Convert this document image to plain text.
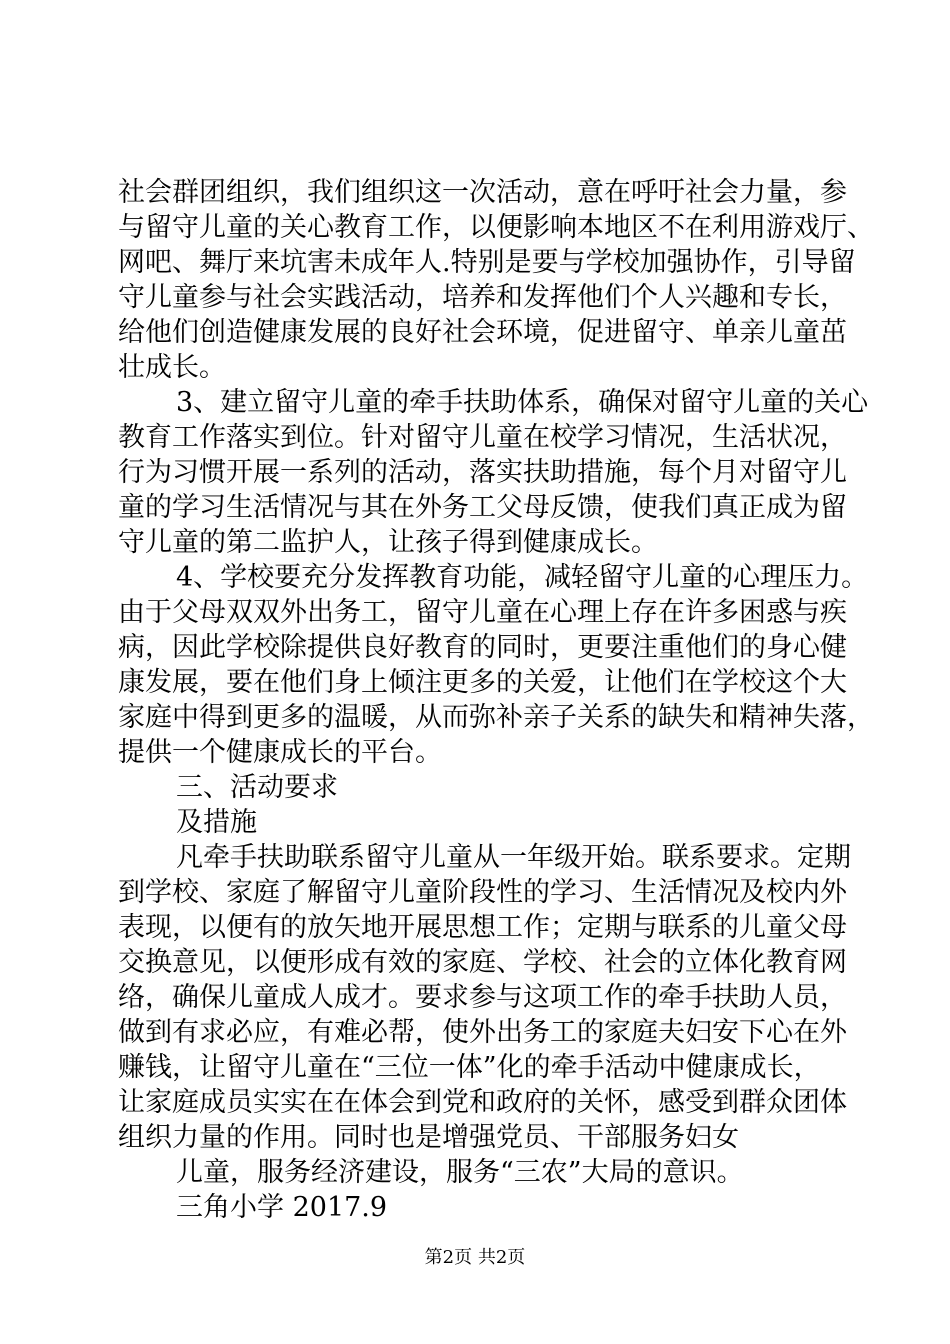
社会群团组织，我们组织这一次活动，意在呼吁社会力量，参
与留守儿童的关心教育工作，以便影响本地区不在利用游戏厅、
网吧、舞厅来坑害未成年人.特别是要与学校加强协作，引导留
守儿童参与社会实践活动，培养和发挥他们个人兴趣和专长，
给他们创造健康发展的良好社会环境，促进留守、单亲儿童茁
壮成长。
3、建立留守儿童的牵手扶助体系，确保对留守儿童的关心
教育工作落实到位。针对留守儿童在校学习情况，生活状况，
行为习惯开展一系列的活动，落实扶助措施，每个月对留守儿
童的学习生活情况与其在外务工父母反馈，使我们真正成为留
守儿童的第二监护人，让孩子得到健康成长。
4、学校要充分发挥教育功能，减轻留守儿童的心理压力。
由于父母双双外出务工，留守儿童在心理上存在许多困惑与疾
病，因此学校除提供良好教育的同时，更要注重他们的身心健
康发展，要在他们身上倾注更多的关爱，让他们在学校这个大
家庭中得到更多的温暖，从而弥补亲子关系的缺失和精神失落，
提供一个健康成长的平台。
三、活动要求
及措施
凡牵手扶助联系留守儿童从一年级开始。联系要求。定期
到学校、家庭了解留守儿童阶段性的学习、生活情况及校内外
表现，以便有的放矢地开展思想工作；定期与联系的儿童父母
交换意见，以便形成有效的家庭、学校、社会的立体化教育网
络，确保儿童成人成才。要求参与这项工作的牵手扶助人员，
做到有求必应，有难必帮，使外出务工的家庭夫妇安下心在外
赚钱，让留守儿童在“三位一体”化的牵手活动中健康成长，
让家庭成员实实在在体会到党和政府的关怀，感受到群众团体
组织力量的作用。同时也是增强党员、干部服务妇女
儿童，服务经济建设，服务“三农”大局的意识。
三角小学 2017.9
第2页 共2页
